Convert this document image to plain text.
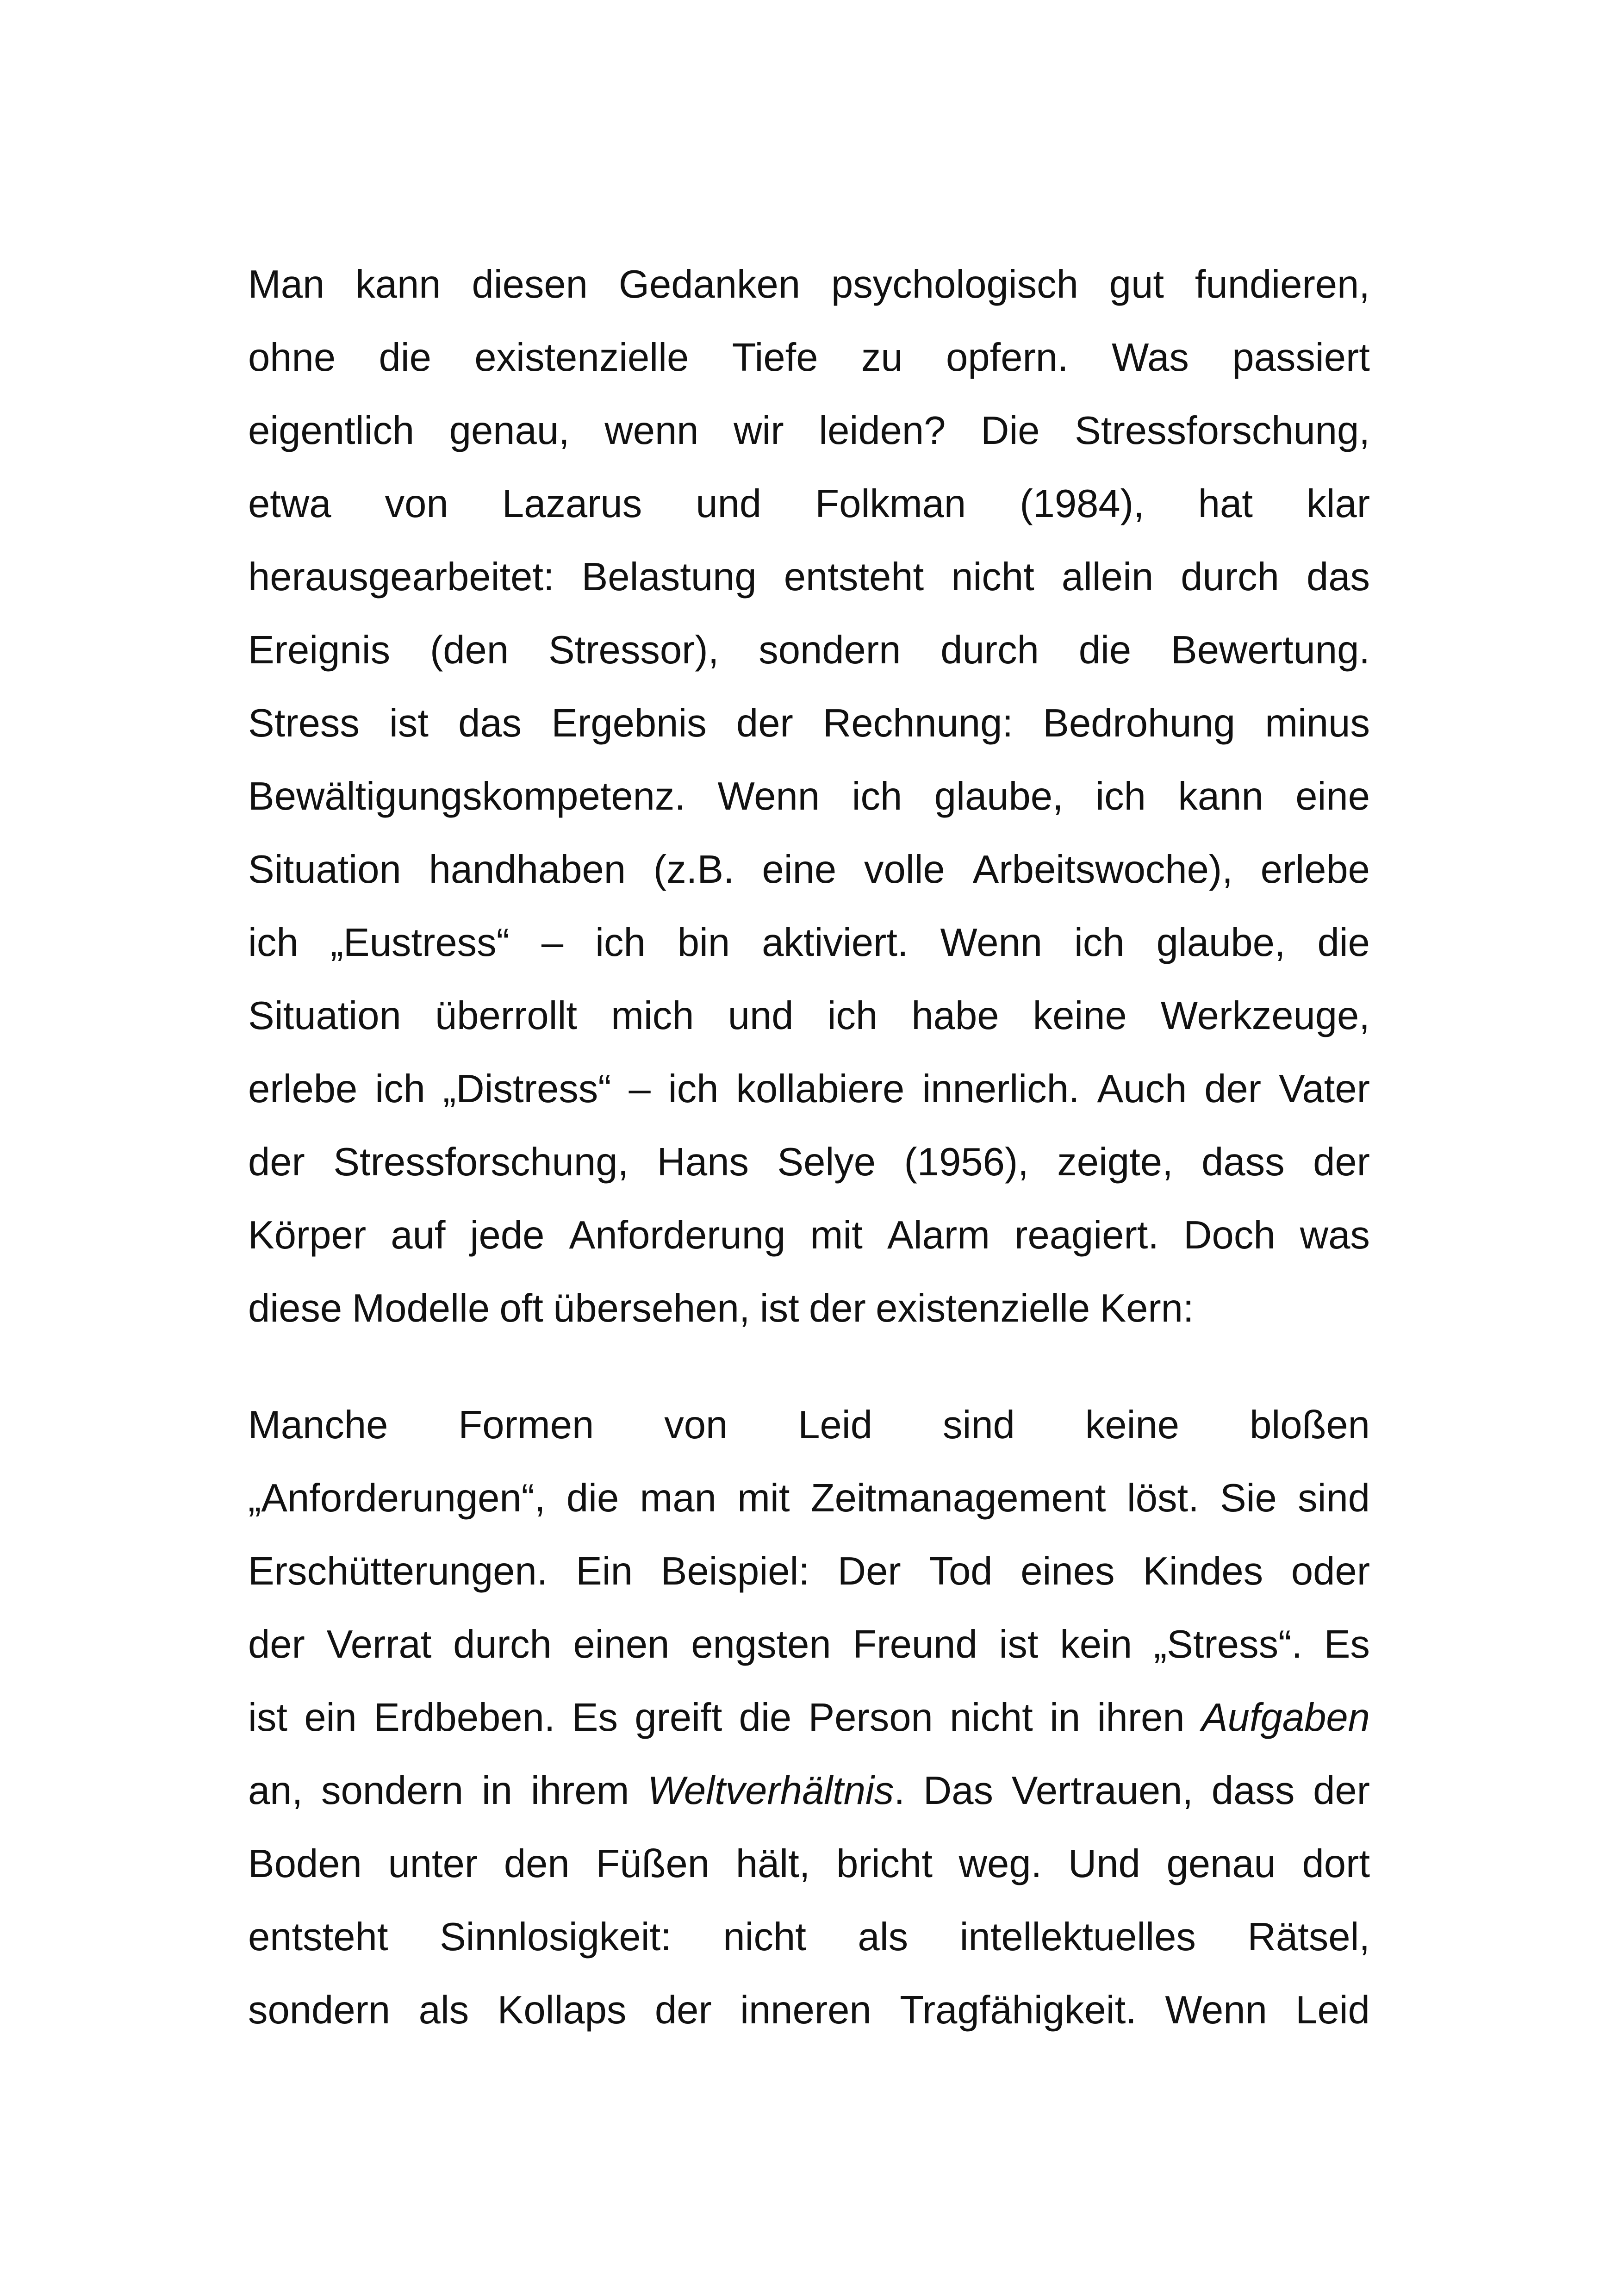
Man kann diesen Gedanken psychologisch gut fundieren,
ohne die existenzielle Tiefe zu opfern. Was passiert
eigentlich genau, wenn wir leiden? Die Stressforschung,
etwa von Lazarus und Folkman (1984), hat klar
herausgearbeitet: Belastung entsteht nicht allein durch das
Ereignis (den Stressor), sondern durch die Bewertung.
Stress ist das Ergebnis der Rechnung: Bedrohung minus
Bewältigungskompetenz. Wenn ich glaube, ich kann eine
Situation handhaben (z.B. eine volle Arbeitswoche), erlebe
ich „Eustress“ – ich bin aktiviert. Wenn ich glaube, die
Situation überrollt mich und ich habe keine Werkzeuge,
erlebe ich „Distress“ – ich kollabiere innerlich. Auch der Vater
der Stressforschung, Hans Selye (1956), zeigte, dass der
Körper auf jede Anforderung mit Alarm reagiert. Doch was
diese Modelle oft übersehen, ist der existenzielle Kern:
Manche Formen von Leid sind keine bloßen
„Anforderungen“, die man mit Zeitmanagement löst. Sie sind
Erschütterungen. Ein Beispiel: Der Tod eines Kindes oder
der Verrat durch einen engsten Freund ist kein „Stress“. Es
ist ein Erdbeben. Es greift die Person nicht in ihren Aufgaben
an, sondern in ihrem Weltverhältnis. Das Vertrauen, dass der
Boden unter den Füßen hält, bricht weg. Und genau dort
entsteht Sinnlosigkeit: nicht als intellektuelles Rätsel,
sondern als Kollaps der inneren Tragfähigkeit. Wenn Leid
